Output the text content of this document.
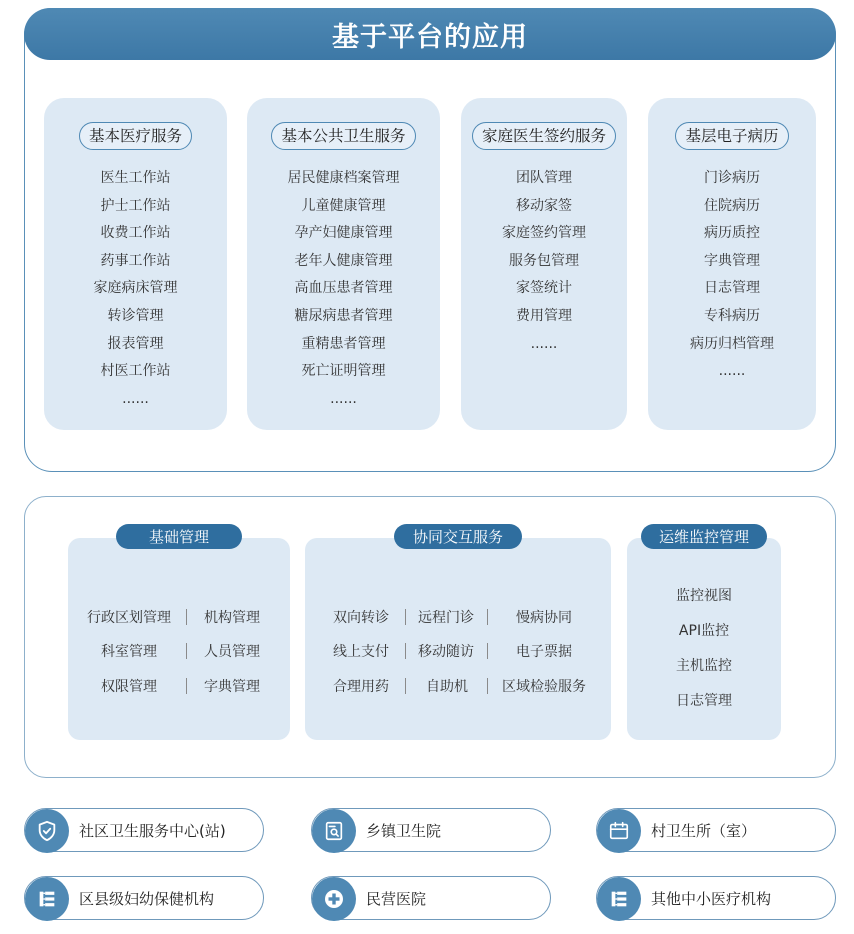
基于平台的应用
基本医疗服务
医生工作站
护士工作站
收费工作站
药事工作站
家庭病床管理
转诊管理
报表管理
村医工作站
......
基本公共卫生服务
居民健康档案管理
儿童健康管理
孕产妇健康管理
老年人健康管理
高血压患者管理
糖尿病患者管理
重精患者管理
死亡证明管理
......
家庭医生签约服务
团队管理
移动家签
家庭签约管理
服务包管理
家签统计
费用管理
......
基层电子病历
门诊病历
住院病历
病历质控
字典管理
日志管理
专科病历
病历归档管理
......
基础管理
行政区划管理 机构管理
科室管理	人员管理
权限管理	字典管理
协同交互服务
双向转诊 远程门诊	慢病协同
线上支付 移动随访	电子票据
合理用药	自助机 区域检验服务
运维监控管理
监控视图
API监控
主机监控
日志管理
社区卫生服务中心(站)	乡镇卫生院	村卫生所（室）
区县级妇幼保健机构	民营医院	其他中小医疗机构
